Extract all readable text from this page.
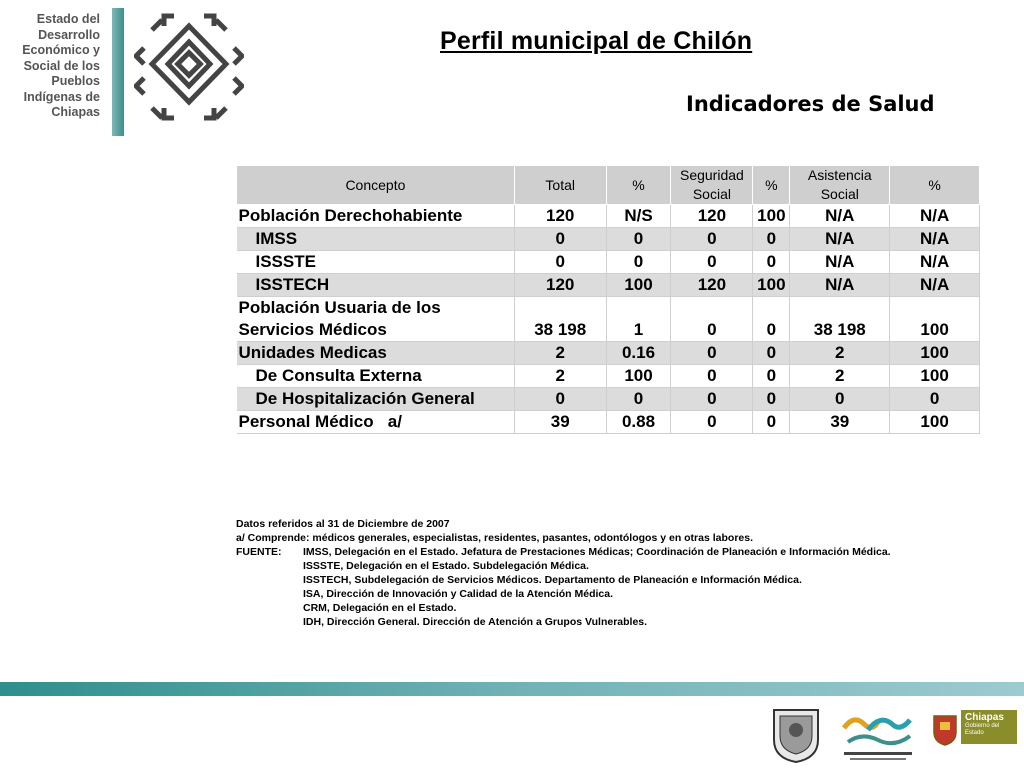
Estado del
Desarrollo
Económico y
Social de los
Pueblos
Indígenas de
Chiapas
Perfil municipal de Chilón
Indicadores de Salud
Concepto	Total	%	Seguridad Social	%	Asistencia Social	%
Población Derechohabiente	120	N/S	120	100	N/A	N/A
IMSS	0	0	0	0	N/A	N/A
ISSSTE	0	0	0	0	N/A	N/A
ISSTECH	120	100	120	100	N/A	N/A
Población Usuaria de los Servicios Médicos	38 198	1	0	0	38 198	100
Unidades Medicas	2	0.16	0	0	2	100
De Consulta Externa	2	100	0	0	2	100
De Hospitalización General	0	0	0	0	0	0
Personal Médico   a/	39	0.88	0	0	39	100
Datos referidos al 31 de Diciembre de 2007
a/ Comprende: médicos generales, especialistas, residentes, pasantes, odontólogos y en otras labores.
FUENTE:	IMSS, Delegación en el Estado. Jefatura de Prestaciones Médicas; Coordinación de Planeación e Información Médica.
ISSSTE, Delegación en el Estado. Subdelegación Médica.
ISSTECH, Subdelegación de Servicios Médicos. Departamento de Planeación e Información Médica.
ISA, Dirección de Innovación y Calidad de la Atención Médica.
CRM, Delegación en el Estado.
IDH, Dirección General. Dirección de Atención a Grupos Vulnerables.
Chiapas
Gobierno del Estado
